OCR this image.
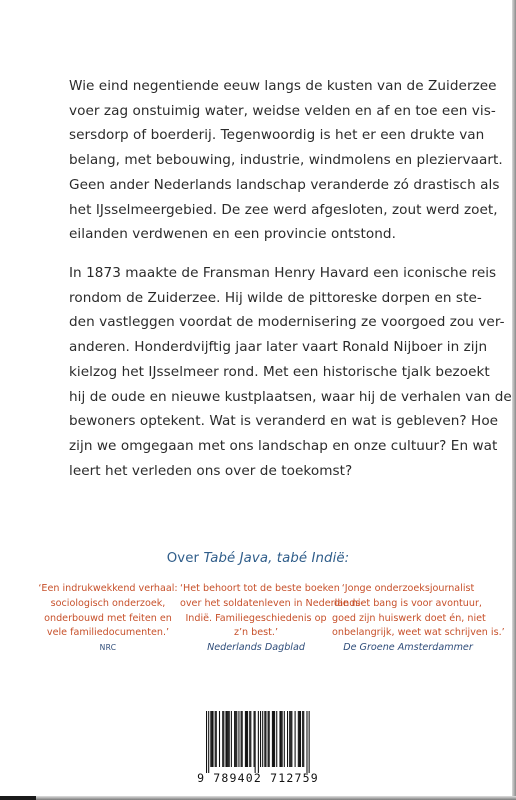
Wie eind negentiende eeuw langs de kusten van de Zuiderzee
voer zag onstuimig water, weidse velden en af en toe een vis-
sersdorp of boerderij. Tegenwoordig is het er een drukte van
belang, met bebouwing, industrie, windmolens en pleziervaart.
Geen ander Nederlands landschap veranderde zó drastisch als
het IJsselmeergebied. De zee werd afgesloten, zout werd zoet,
eilanden verdwenen en een provincie ontstond.

In 1873 maakte de Fransman Henry Havard een iconische reis
rondom de Zuiderzee. Hij wilde de pittoreske dorpen en ste-
den vastleggen voordat de modernisering ze voorgoed zou ver-
anderen. Honderdvijftig jaar later vaart Ronald Nijboer in zijn
kielzog het IJsselmeer rond. Met een historische tjalk bezoekt
hij de oude en nieuwe kustplaatsen, waar hij de verhalen van de
bewoners optekent. Wat is veranderd en wat is gebleven? Hoe
zijn we omgegaan met ons landschap en onze cultuur? En wat
leert het verleden ons over de toekomst?

Over Tabé Java, tabé Indië:
‘Een indrukwekkend verhaal:
sociologisch onderzoek,
onderbouwd met feiten en
vele familiedocumenten.’
NRC
‘Het behoort tot de beste boeken
over het soldatenleven in Nederlands-
Indië. Familiegeschiedenis op
z’n best.’
Nederlands Dagblad
‘Jonge onderzoeksjournalist
die niet bang is voor avontuur,
goed zijn huiswerk doet én, niet
onbelangrijk, weet wat schrijven is.’
De Groene Amsterdammer
9 789402 712759
